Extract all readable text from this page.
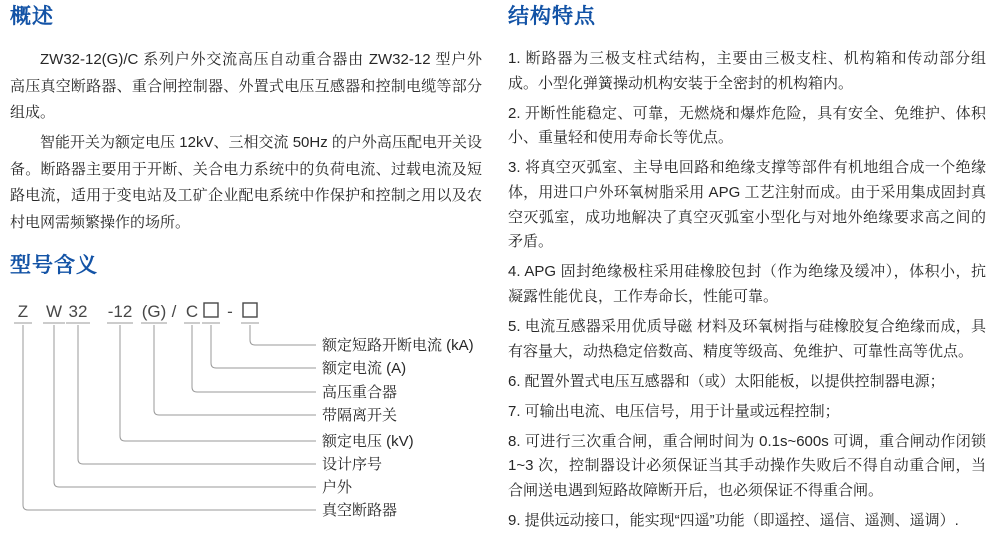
概述

ZW32-12(G)/C 系列户外交流高压自动重合器由 ZW32-12 型户外高压真空断路器、重合闸控制器、外置式电压互感器和控制电缆等部分组成。

智能开关为额定电压 12kV、三相交流 50Hz 的户外高压配电开关设备。断路器主要用于开断、关合电力系统中的负荷电流、过载电流及短路电流，适用于变电站及工矿企业配电系统中作保护和控制之用以及农村电网需频繁操作的场所。

型号含义
Z W 32 -12 (G) / C -
额定短路开断电流 (kA)
额定电流 (A)
高压重合器
带隔离开关
额定电压 (kV)
设计序号
户外
真空断路器
结构特点

1. 断路器为三极支柱式结构，主要由三极支柱、机构箱和传动部分组成。小型化弹簧操动机构安装于全密封的机构箱内。

2. 开断性能稳定、可靠，无燃烧和爆炸危险，具有安全、免维护、体积小、重量轻和使用寿命长等优点。

3. 将真空灭弧室、主导电回路和绝缘支撑等部件有机地组合成一个绝缘体，用进口户外环氧树脂采用 APG 工艺注射而成。由于采用集成固封真空灭弧室，成功地解决了真空灭弧室小型化与对地外绝缘要求高之间的矛盾。

4. APG 固封绝缘极柱采用硅橡胶包封（作为绝缘及缓冲），体积小，抗凝露性能优良，工作寿命长，性能可靠。

5. 电流互感器采用优质导磁 材料及环氧树指与硅橡胶复合绝缘而成，具有容量大，动热稳定倍数高、精度等级高、免维护、可靠性高等优点。

6. 配置外置式电压互感器和（或）太阳能板，以提供控制器电源；

7. 可输出电流、电压信号，用于计量或远程控制；

8. 可进行三次重合闸，重合闸时间为 0.1s~600s 可调，重合闸动作闭锁 1~3 次，控制器设计必须保证当其手动操作失败后不得自动重合闸，当合闸送电遇到短路故障断开后，也必须保证不得重合闸。

9. 提供远动接口，能实现“四遥”功能（即遥控、遥信、遥测、遥调）.
